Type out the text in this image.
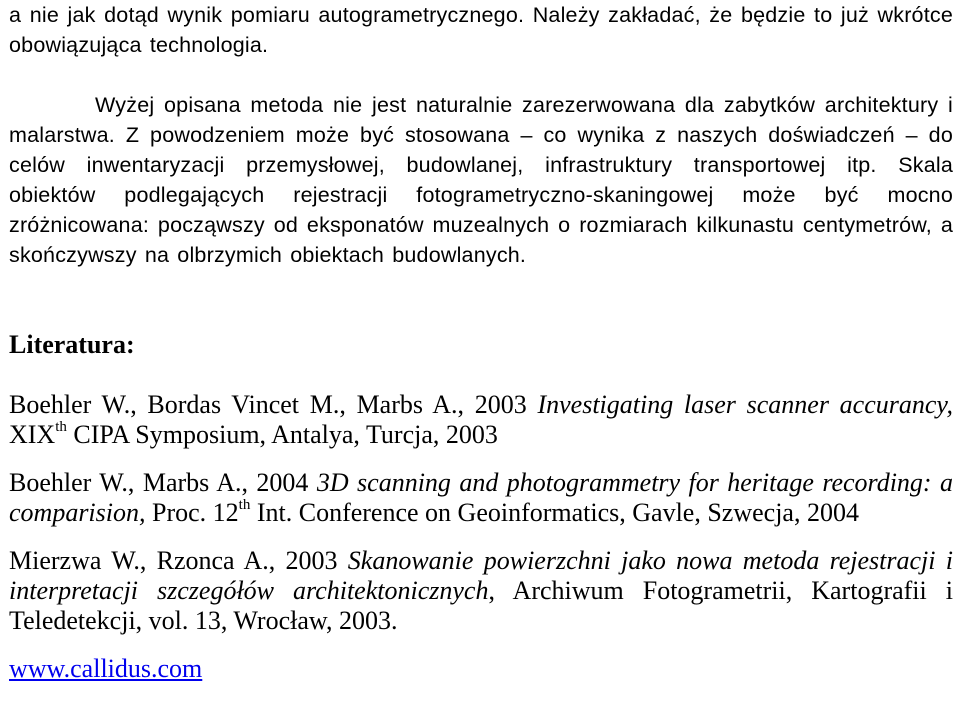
a nie jak dotąd wynik pomiaru autogrametrycznego. Należy zakładać, że będzie to już wkrótce obowiązująca technologia.

Wyżej opisana metoda nie jest naturalnie zarezerwowana dla zabytków architektury i malarstwa. Z powodzeniem może być stosowana – co wynika z naszych doświadczeń – do celów inwentaryzacji przemysłowej, budowlanej, infrastruktury transportowej itp. Skala obiektów podlegających rejestracji fotogrametryczno-skaningowej może być mocno zróżnicowana: począwszy od eksponatów muzealnych o rozmiarach kilkunastu centymetrów, a skończywszy na olbrzymich obiektach budowlanych.

Literatura:

Boehler W., Bordas Vincet M., Marbs A., 2003 Investigating laser scanner accurancy, XIXth CIPA Symposium, Antalya, Turcja, 2003

Boehler W., Marbs A., 2004 3D scanning and photogrammetry for heritage recording: a comparision, Proc. 12th Int. Conference on Geoinformatics, Gavle, Szwecja, 2004

Mierzwa W., Rzonca A., 2003 Skanowanie powierzchni jako nowa metoda rejestracji i interpretacji szczegółów architektonicznych, Archiwum Fotogrametrii, Kartografii i Teledetekcji, vol. 13, Wrocław, 2003.

www.callidus.com
